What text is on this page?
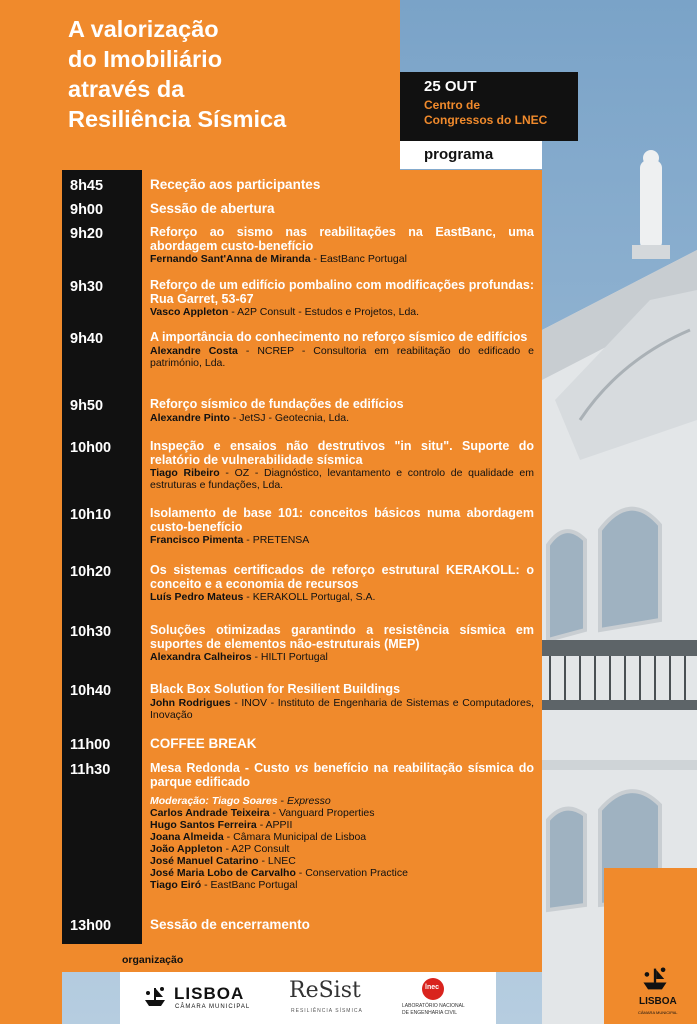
A valorização
do Imobiliário
através da
Resiliência Sísmica
25 OUT
Centro de
Congressos do LNEC
programa
8h45	Receção aos participantes
9h00	Sessão de abertura
9h20	Reforço ao sismo nas reabilitações na EastBanc, uma abordagem custo-benefício
Fernando Sant'Anna de Miranda - EastBanc Portugal
9h30	Reforço de um edifício pombalino com modificações profundas: Rua Garret, 53-67
Vasco Appleton - A2P Consult - Estudos e Projetos, Lda.
9h40	A importância do conhecimento no reforço sísmico de edifícios
Alexandre Costa - NCREP - Consultoria em reabilitação do edificado e património, Lda.
9h50	Reforço sísmico de fundações de edifícios
Alexandre Pinto - JetSJ - Geotecnia, Lda.
10h00	Inspeção e ensaios não destrutivos "in situ". Suporte do relatório de vulnerabilidade sísmica
Tiago Ribeiro - OZ - Diagnóstico, levantamento e controlo de qualidade em estruturas e fundações, Lda.
10h10	Isolamento de base 101: conceitos básicos numa abordagem custo-benefício
Francisco Pimenta - PRETENSA
10h20	Os sistemas certificados de reforço estrutural KERAKOLL: o conceito e a economia de recursos
Luís Pedro Mateus - KERAKOLL Portugal, S.A.
10h30	Soluções otimizadas garantindo a resistência sísmica em suportes de elementos não-estruturais (MEP)
Alexandra Calheiros - HILTI Portugal
10h40	Black Box Solution for Resilient Buildings
John Rodrigues - INOV - Instituto de Engenharia de Sistemas e Computadores, Inovação
11h00	COFFEE BREAK
11h30	Mesa Redonda - Custo vs benefício na reabilitação sísmica do parque edificado
Moderação: Tiago Soares - Expresso
Carlos Andrade Teixeira - Vanguard Properties
Hugo Santos Ferreira - APPII
Joana Almeida - Câmara Municipal de Lisboa
João Appleton - A2P Consult
José Manuel Catarino - LNEC
José Maria Lobo de Carvalho - Conservation Practice
Tiago Eiró - EastBanc Portugal
13h00	Sessão de encerramento
organização
LISBOA
CÂMARA MUNICIPAL
ReSist
RESILIÊNCIA SÍSMICA
lnec
LABORATÓRIO NACIONAL
DE ENGENHARIA CIVIL
LISBOA
CÂMARA MUNICIPAL
